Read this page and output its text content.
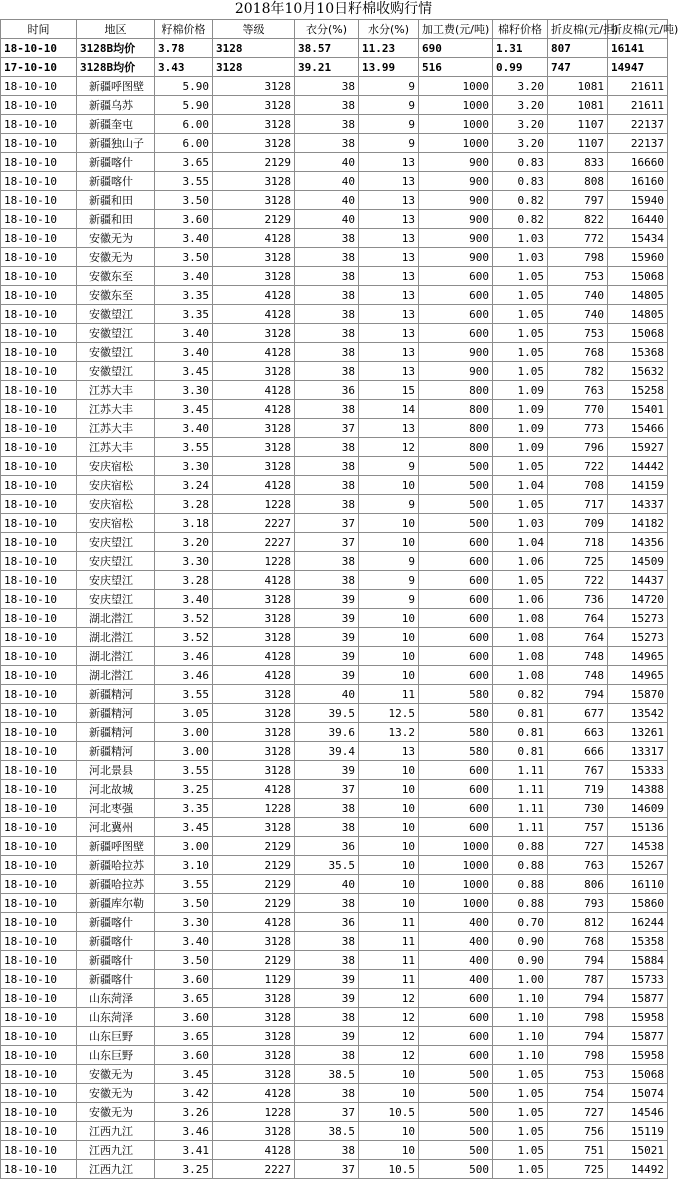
2018年10月10日籽棉收购行情
时间	地区	籽棉价格	等级	衣分(%)	水分(%)	加工费(元/吨)	棉籽价格	折皮棉(元/担)	折皮棉(元/吨)
18-10-10	3128B均价	3.78	3128	38.57	11.23	690	1.31	807	16141
17-10-10	3128B均价	3.43	3128	39.21	13.99	516	0.99	747	14947
18-10-10	新疆呼图壁	5.90	3128	38	9	1000	3.20	1081	21611
18-10-10	新疆乌苏	5.90	3128	38	9	1000	3.20	1081	21611
18-10-10	新疆奎屯	6.00	3128	38	9	1000	3.20	1107	22137
18-10-10	新疆独山子	6.00	3128	38	9	1000	3.20	1107	22137
18-10-10	新疆喀什	3.65	2129	40	13	900	0.83	833	16660
18-10-10	新疆喀什	3.55	3128	40	13	900	0.83	808	16160
18-10-10	新疆和田	3.50	3128	40	13	900	0.82	797	15940
18-10-10	新疆和田	3.60	2129	40	13	900	0.82	822	16440
18-10-10	安徽无为	3.40	4128	38	13	900	1.03	772	15434
18-10-10	安徽无为	3.50	3128	38	13	900	1.03	798	15960
18-10-10	安徽东至	3.40	3128	38	13	600	1.05	753	15068
18-10-10	安徽东至	3.35	4128	38	13	600	1.05	740	14805
18-10-10	安徽望江	3.35	4128	38	13	600	1.05	740	14805
18-10-10	安徽望江	3.40	3128	38	13	600	1.05	753	15068
18-10-10	安徽望江	3.40	4128	38	13	900	1.05	768	15368
18-10-10	安徽望江	3.45	3128	38	13	900	1.05	782	15632
18-10-10	江苏大丰	3.30	4128	36	15	800	1.09	763	15258
18-10-10	江苏大丰	3.45	4128	38	14	800	1.09	770	15401
18-10-10	江苏大丰	3.40	3128	37	13	800	1.09	773	15466
18-10-10	江苏大丰	3.55	3128	38	12	800	1.09	796	15927
18-10-10	安庆宿松	3.30	3128	38	9	500	1.05	722	14442
18-10-10	安庆宿松	3.24	4128	38	10	500	1.04	708	14159
18-10-10	安庆宿松	3.28	1228	38	9	500	1.05	717	14337
18-10-10	安庆宿松	3.18	2227	37	10	500	1.03	709	14182
18-10-10	安庆望江	3.20	2227	37	10	600	1.04	718	14356
18-10-10	安庆望江	3.30	1228	38	9	600	1.06	725	14509
18-10-10	安庆望江	3.28	4128	38	9	600	1.05	722	14437
18-10-10	安庆望江	3.40	3128	39	9	600	1.06	736	14720
18-10-10	湖北潜江	3.52	3128	39	10	600	1.08	764	15273
18-10-10	湖北潜江	3.52	3128	39	10	600	1.08	764	15273
18-10-10	湖北潜江	3.46	4128	39	10	600	1.08	748	14965
18-10-10	湖北潜江	3.46	4128	39	10	600	1.08	748	14965
18-10-10	新疆精河	3.55	3128	40	11	580	0.82	794	15870
18-10-10	新疆精河	3.05	3128	39.5	12.5	580	0.81	677	13542
18-10-10	新疆精河	3.00	3128	39.6	13.2	580	0.81	663	13261
18-10-10	新疆精河	3.00	3128	39.4	13	580	0.81	666	13317
18-10-10	河北景县	3.55	3128	39	10	600	1.11	767	15333
18-10-10	河北故城	3.25	4128	37	10	600	1.11	719	14388
18-10-10	河北枣强	3.35	1228	38	10	600	1.11	730	14609
18-10-10	河北冀州	3.45	3128	38	10	600	1.11	757	15136
18-10-10	新疆呼图壁	3.00	2129	36	10	1000	0.88	727	14538
18-10-10	新疆哈拉苏	3.10	2129	35.5	10	1000	0.88	763	15267
18-10-10	新疆哈拉苏	3.55	2129	40	10	1000	0.88	806	16110
18-10-10	新疆库尔勒	3.50	2129	38	10	1000	0.88	793	15860
18-10-10	新疆喀什	3.30	4128	36	11	400	0.70	812	16244
18-10-10	新疆喀什	3.40	3128	38	11	400	0.90	768	15358
18-10-10	新疆喀什	3.50	2129	38	11	400	0.90	794	15884
18-10-10	新疆喀什	3.60	1129	39	11	400	1.00	787	15733
18-10-10	山东菏泽	3.65	3128	39	12	600	1.10	794	15877
18-10-10	山东菏泽	3.60	3128	38	12	600	1.10	798	15958
18-10-10	山东巨野	3.65	3128	39	12	600	1.10	794	15877
18-10-10	山东巨野	3.60	3128	38	12	600	1.10	798	15958
18-10-10	安徽无为	3.45	3128	38.5	10	500	1.05	753	15068
18-10-10	安徽无为	3.42	4128	38	10	500	1.05	754	15074
18-10-10	安徽无为	3.26	1228	37	10.5	500	1.05	727	14546
18-10-10	江西九江	3.46	3128	38.5	10	500	1.05	756	15119
18-10-10	江西九江	3.41	4128	38	10	500	1.05	751	15021
18-10-10	江西九江	3.25	2227	37	10.5	500	1.05	725	14492
